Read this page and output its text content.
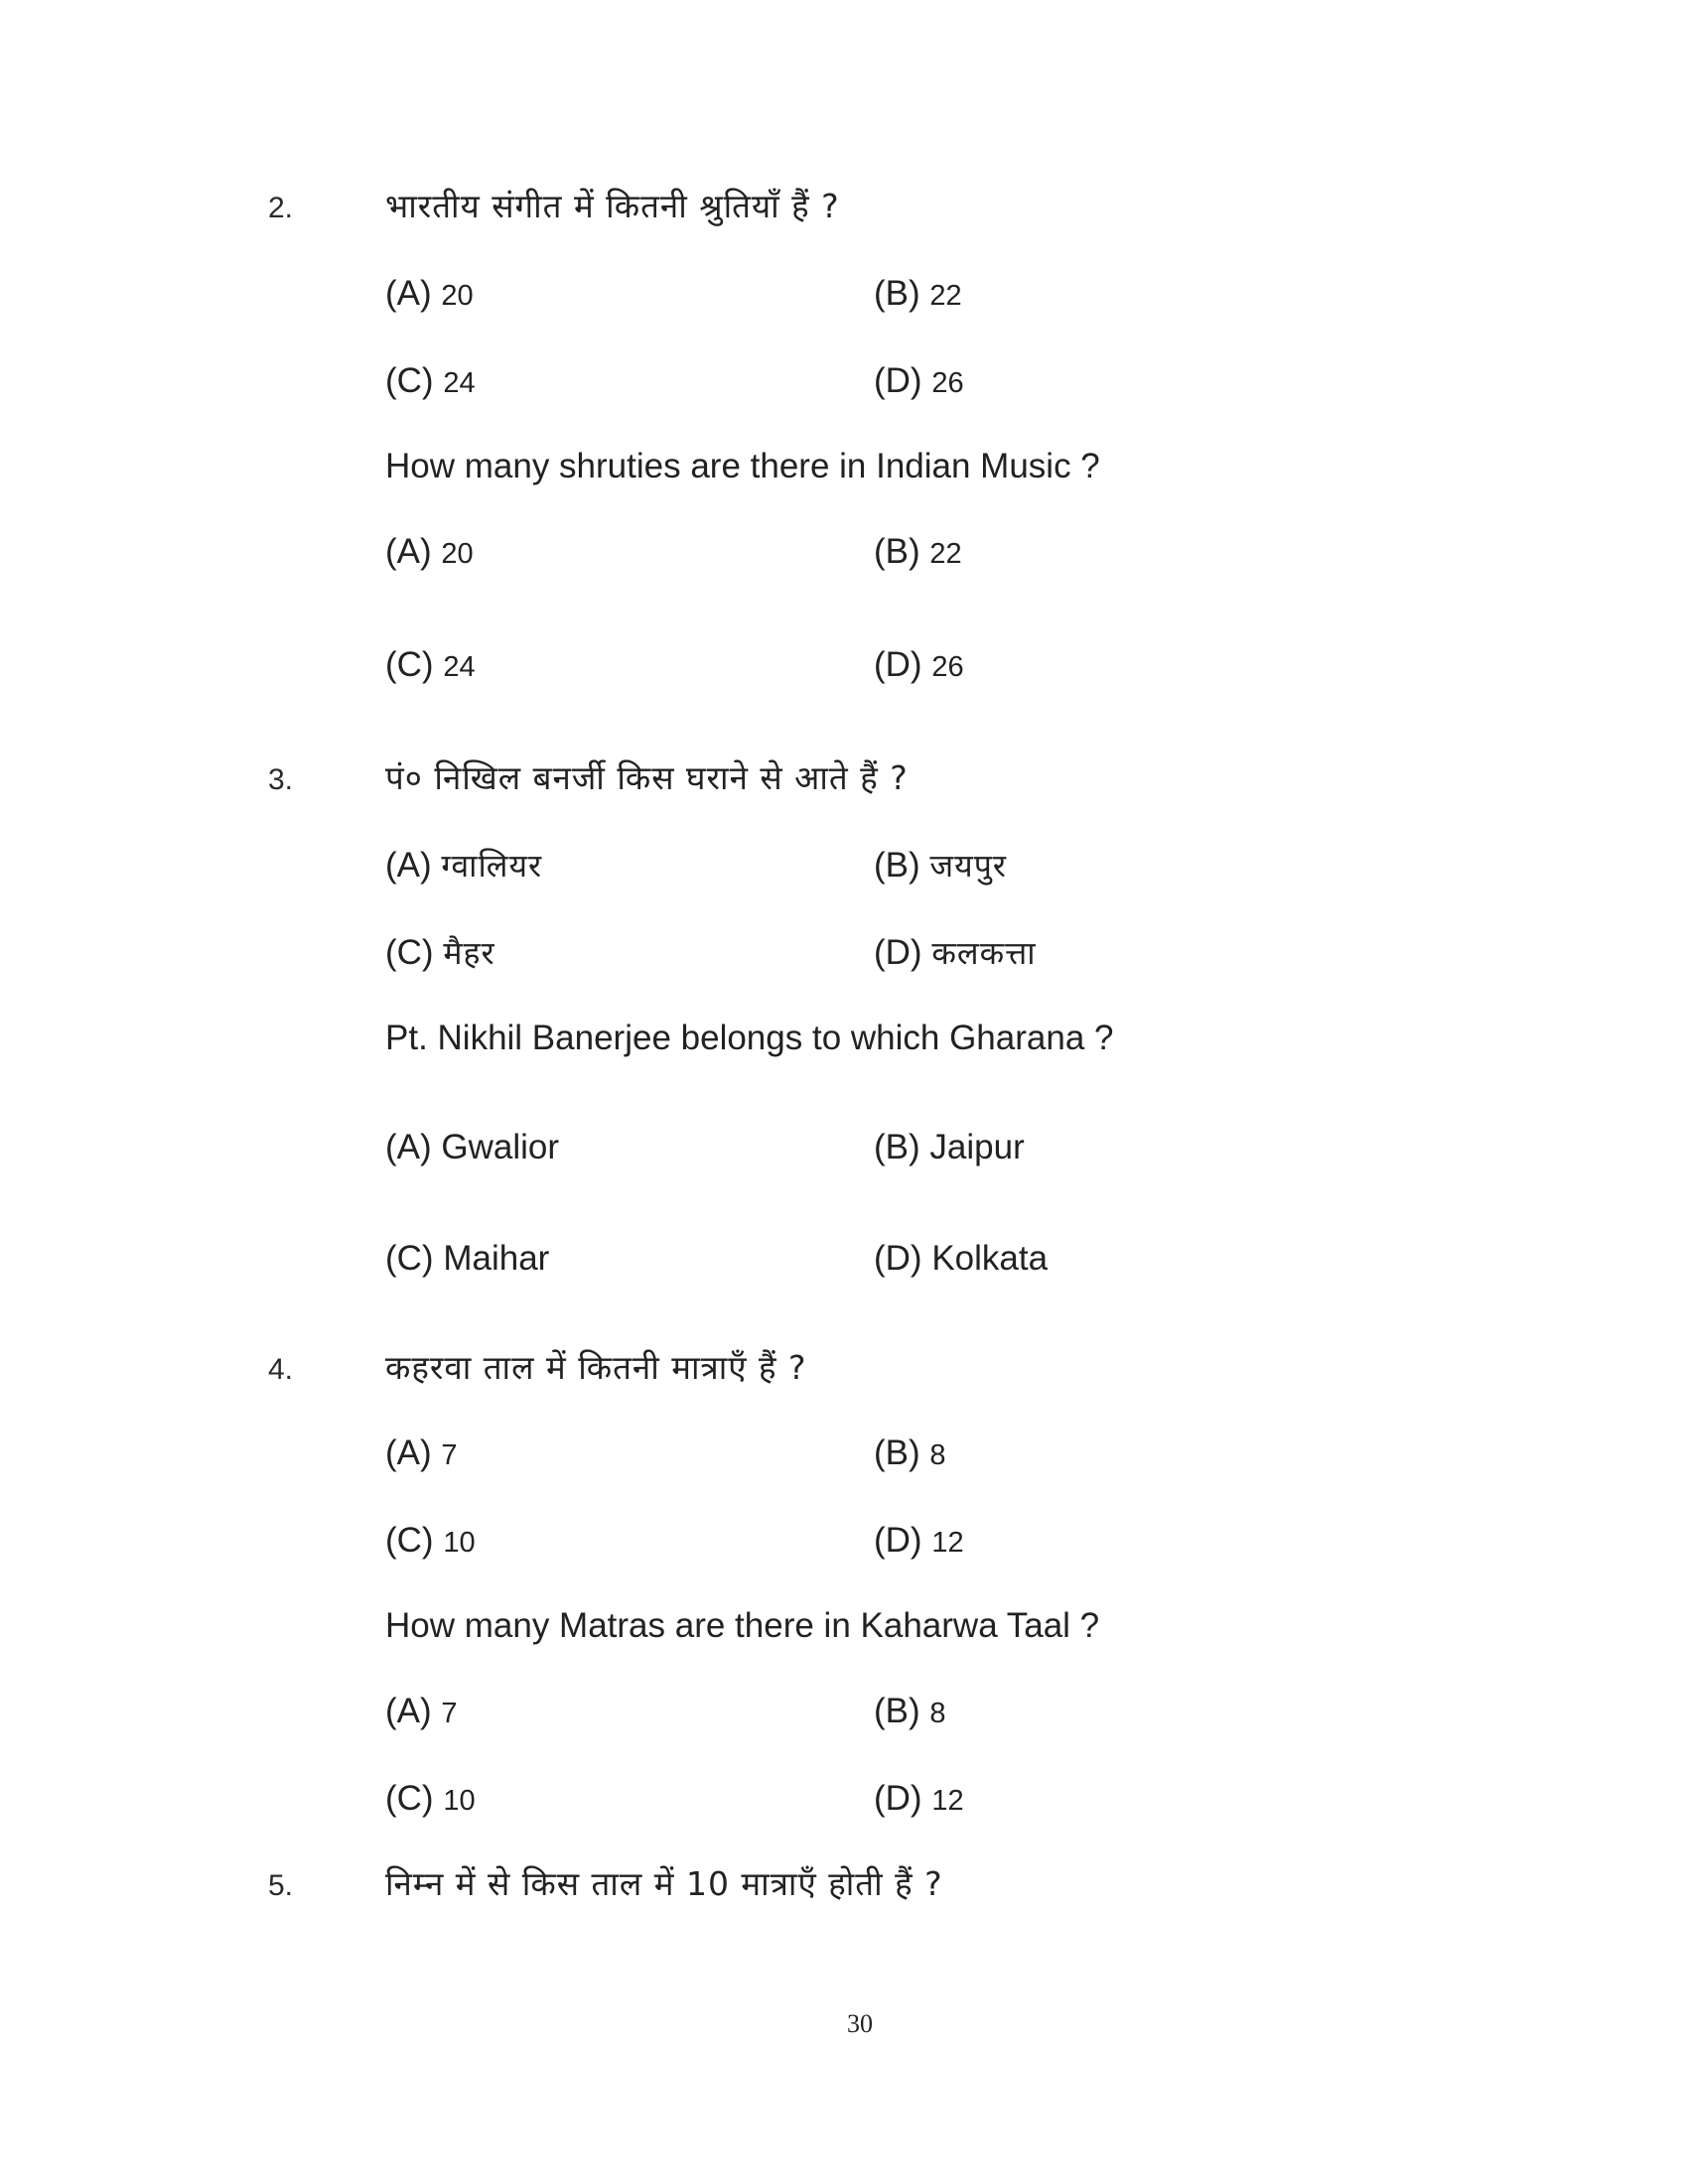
2.	भारतीय संगीत में कितनी श्रुतियाँ हैं ?
(A) 20	(B) 22
(C) 24	(D) 26
How many shruties are there in Indian Music ?
(A) 20	(B) 22
(C) 24	(D) 26
3.	पं० निखिल बनर्जी किस घराने से आते हैं ?
(A) ग्वालियर	(B) जयपुर
(C) मैहर	(D) कलकत्ता
Pt. Nikhil Banerjee belongs to which Gharana ?
(A) Gwalior	(B) Jaipur
(C) Maihar	(D) Kolkata
4.	कहरवा ताल में कितनी मात्राएँ हैं ?
(A) 7	(B) 8
(C) 10	(D) 12
How many Matras are there in Kaharwa Taal ?
(A) 7	(B) 8
(C) 10	(D) 12
5.	निम्न में से किस ताल में 10 मात्राएँ होती हैं ?
30
